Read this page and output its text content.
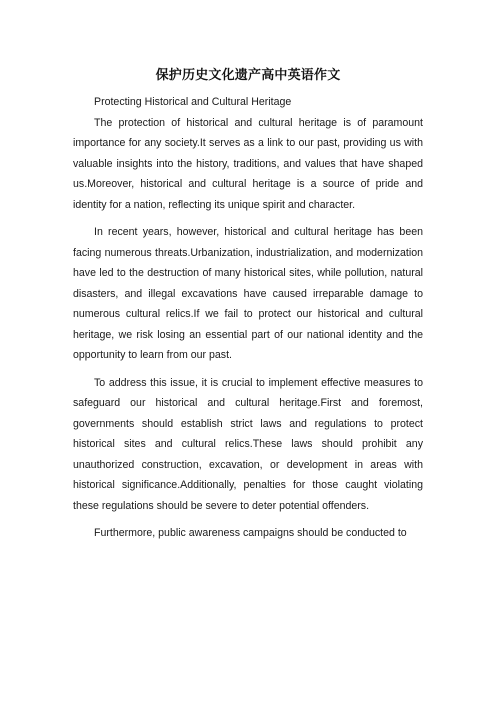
保护历史文化遗产高中英语作文

Protecting Historical and Cultural Heritage

The protection of historical and cultural heritage is of paramount importance for any society.It serves as a link to our past, providing us with valuable insights into the history, traditions, and values that have shaped us.Moreover, historical and cultural heritage is a source of pride and identity for a nation, reflecting its unique spirit and character.

In recent years, however, historical and cultural heritage has been facing numerous threats.Urbanization, industrialization, and modernization have led to the destruction of many historical sites, while pollution, natural disasters, and illegal excavations have caused irreparable damage to numerous cultural relics.If we fail to protect our historical and cultural heritage, we risk losing an essential part of our national identity and the opportunity to learn from our past.

To address this issue, it is crucial to implement effective measures to safeguard our historical and cultural heritage.First and foremost, governments should establish strict laws and regulations to protect historical sites and cultural relics.These laws should prohibit any unauthorized construction, excavation, or development in areas with historical significance.Additionally, penalties for those caught violating these regulations should be severe to deter potential offenders.

Furthermore, public awareness campaigns should be conducted to
